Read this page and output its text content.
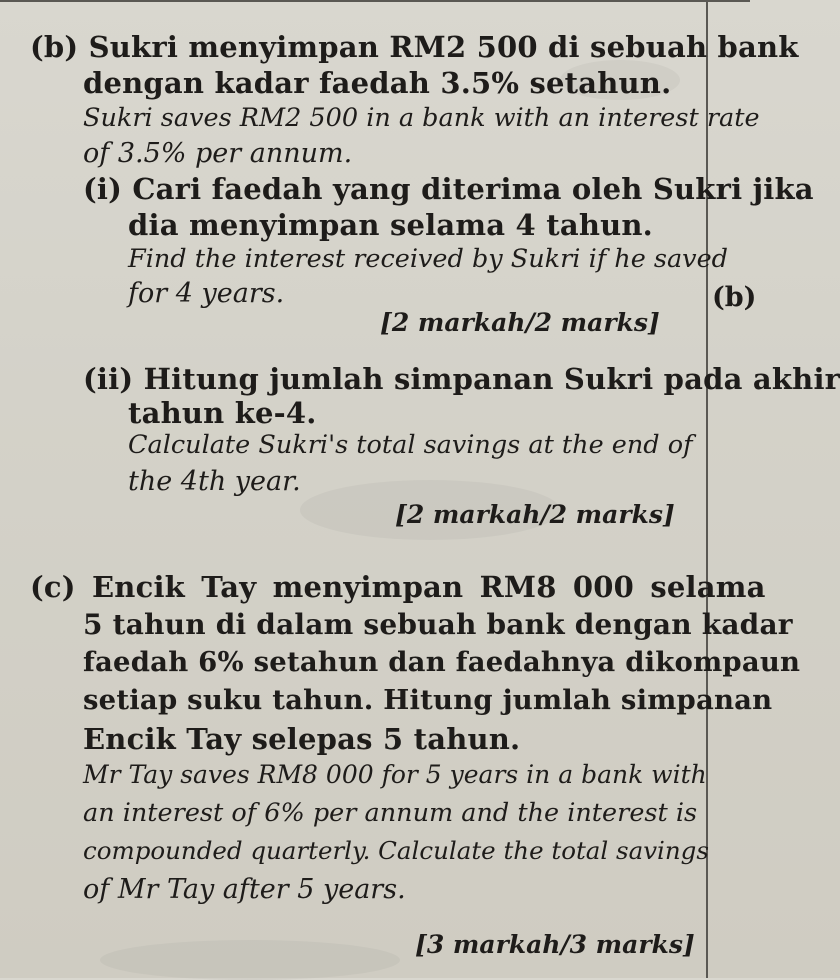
(b) Sukri menyimpan RM2 500 di sebuah bank
dengan kadar faedah 3.5% setahun.
Sukri saves RM2 500 in a bank with an interest rate
of 3.5% per annum.
(i) Cari faedah yang diterima oleh Sukri jika
dia menyimpan selama 4 tahun.
Find the interest received by Sukri if he saved
for 4 years.	(b)
[2 markah/2 marks]
(ii) Hitung jumlah simpanan Sukri pada akhir
tahun ke-4.
Calculate Sukri's total savings at the end of
the 4th year.
[2 markah/2 marks]
(c) Encik Tay menyimpan RM8 000 selama
5 tahun di dalam sebuah bank dengan kadar
faedah 6% setahun dan faedahnya dikompaun
setiap suku tahun. Hitung jumlah simpanan
Encik Tay selepas 5 tahun.
Mr Tay saves RM8 000 for 5 years in a bank with
an interest of 6% per annum and the interest is
compounded quarterly. Calculate the total savings
of Mr Tay after 5 years.
[3 markah/3 marks]
